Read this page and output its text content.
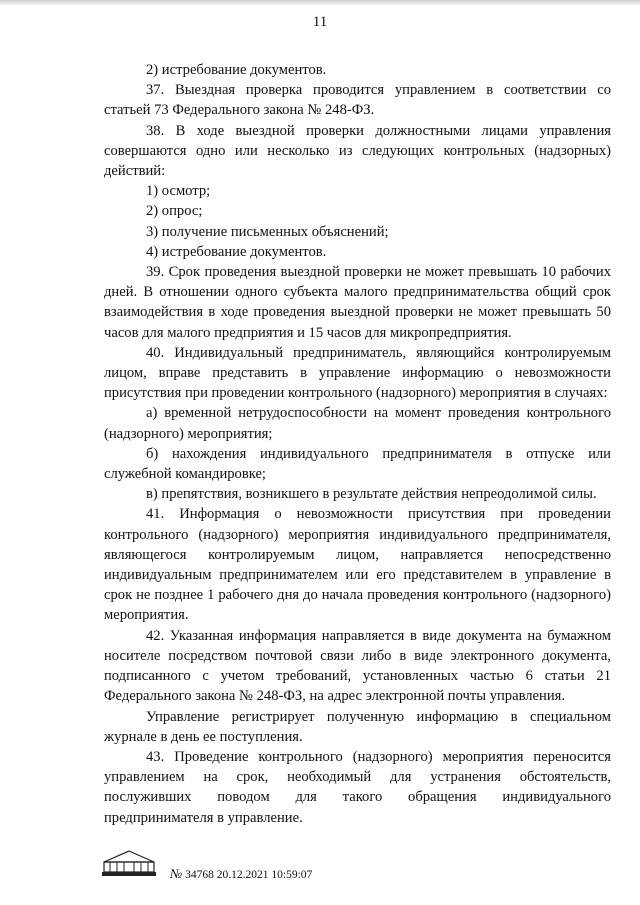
11

2) истребование документов.

37. Выездная проверка проводится управлением в соответствии со статьей 73 Федерального закона № 248-ФЗ.

38. В ходе выездной проверки должностными лицами управления совершаются одно или несколько из следующих контрольных (надзорных) действий:

1) осмотр;

2) опрос;

3) получение письменных объяснений;

4) истребование документов.

39. Срок проведения выездной проверки не может превышать 10 рабочих дней. В отношении одного субъекта малого предпринимательства общий срок взаимодействия в ходе проведения выездной проверки не может превышать 50 часов для малого предприятия и 15 часов для микропредприятия.

40. Индивидуальный предприниматель, являющийся контролируемым лицом, вправе представить в управление информацию о невозможности присутствия при проведении контрольного (надзорного) мероприятия в случаях:

а) временной нетрудоспособности на момент проведения контрольного (надзорного) мероприятия;

б) нахождения индивидуального предпринимателя в отпуске или служебной командировке;

в) препятствия, возникшего в результате действия непреодолимой силы.

41. Информация о невозможности присутствия при проведении контрольного (надзорного) мероприятия индивидуального предпринимателя, являющегося контролируемым лицом, направляется непосредственно индивидуальным предпринимателем или его представителем в управление в срок не позднее 1 рабочего дня до начала проведения контрольного (надзорного) мероприятия.

42. Указанная информация направляется в виде документа на бумажном носителе посредством почтовой связи либо в виде электронного документа, подписанного с учетом требований, установленных частью 6 статьи 21 Федерального закона № 248-ФЗ, на адрес электронной почты управления.

Управление регистрирует полученную информацию в специальном журнале в день ее поступления.

43. Проведение контрольного (надзорного) мероприятия переносится управлением на срок, необходимый для устранения обстоятельств, послуживших поводом для такого обращения индивидуального предпринимателя в управление.

№ 34768 20.12.2021 10:59:07
